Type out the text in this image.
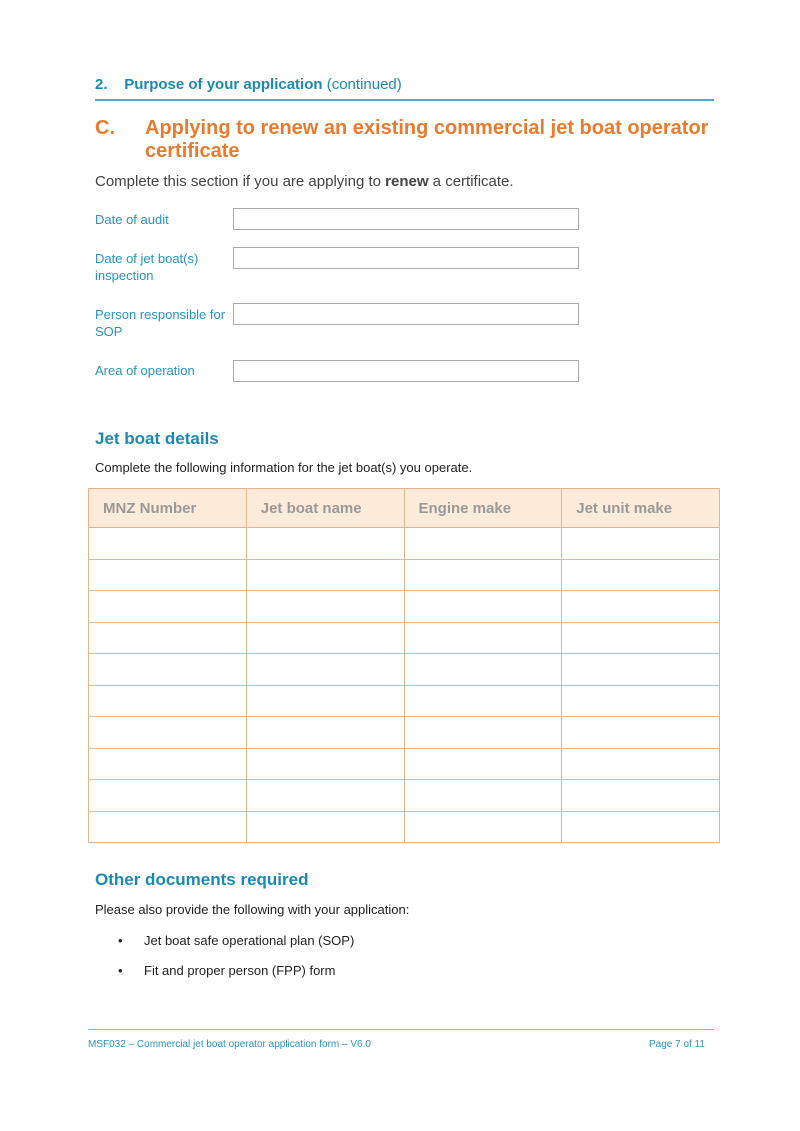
2. Purpose of your application (continued)
C. Applying to renew an existing commercial jet boat operator certificate
Complete this section if you are applying to renew a certificate.
Date of audit
Date of jet boat(s) inspection
Person responsible for SOP
Area of operation
Jet boat details
Complete the following information for the jet boat(s) you operate.
MNZ Number	Jet boat name	Engine make	Jet unit make

Other documents required
Please also provide the following with your application:
• Jet boat safe operational plan (SOP)
• Fit and proper person (FPP) form
MSF032 – Commercial jet boat operator application form – V6.0	Page 7 of 11
